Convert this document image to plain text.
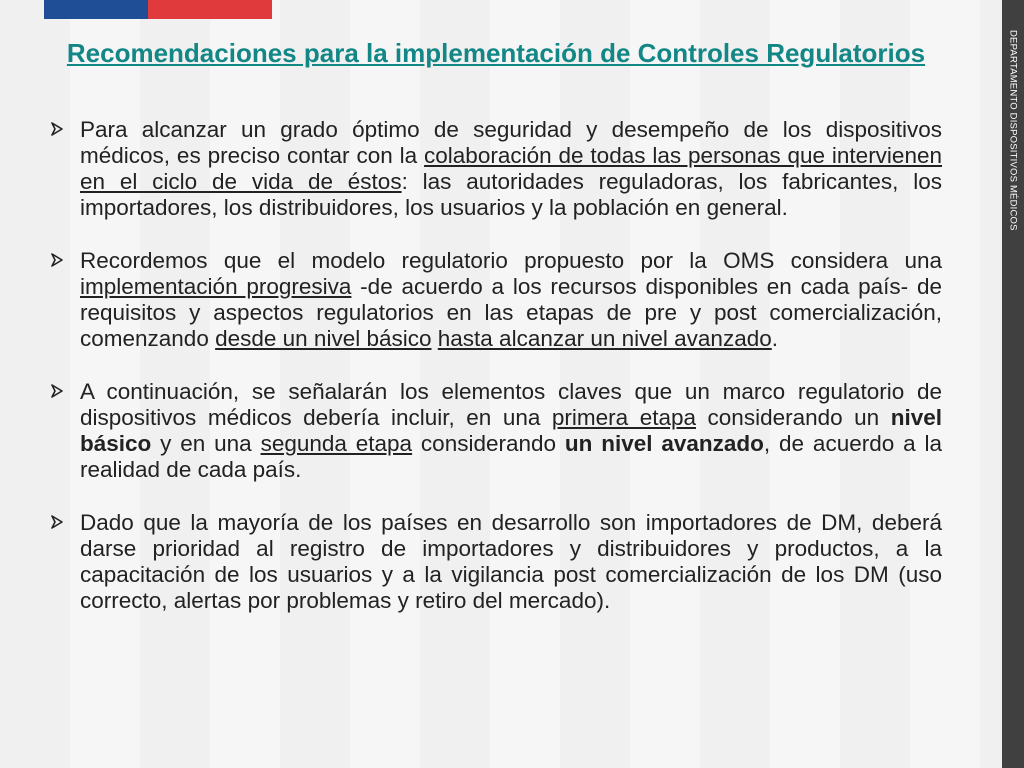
DEPARTAMENTO DISPOSITIVOS MÉDICOS
Recomendaciones para la implementación de Controles Regulatorios
Para alcanzar un grado óptimo de seguridad y desempeño de los dispositivos médicos, es preciso contar con la colaboración de todas las personas que intervienen en el ciclo de vida de éstos: las autoridades reguladoras, los fabricantes, los importadores, los distribuidores, los usuarios y la población en general.
Recordemos que el modelo regulatorio propuesto por la OMS considera una implementación progresiva -de acuerdo a los recursos disponibles en cada país- de requisitos y aspectos regulatorios en las etapas de pre y post comercialización, comenzando desde un nivel básico hasta alcanzar un nivel avanzado.
A continuación, se señalarán los elementos claves que un marco regulatorio de dispositivos médicos debería incluir, en una primera etapa considerando un nivel básico y en una segunda etapa considerando un nivel avanzado, de acuerdo a la realidad de cada país.
Dado que la mayoría de los países en desarrollo son importadores de DM, deberá darse prioridad al registro de importadores y distribuidores y productos, a la capacitación de los usuarios y a la vigilancia post comercialización de los DM (uso correcto, alertas por problemas y retiro del mercado).
